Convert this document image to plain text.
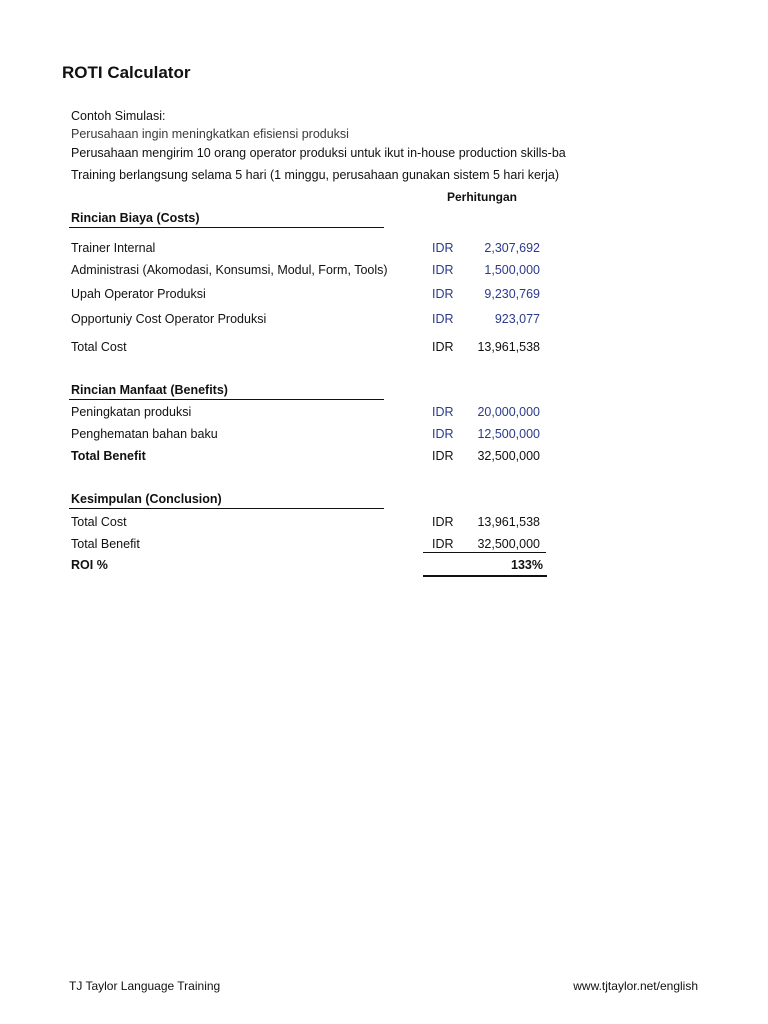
ROTI Calculator
Contoh Simulasi:
Perusahaan ingin meningkatkan efisiensi produksi
Perusahaan mengirim 10 orang operator produksi untuk ikut in-house production skills-ba
Training berlangsung selama 5 hari (1 minggu, perusahaan gunakan sistem 5 hari kerja)
Perhitungan
Rincian Biaya (Costs)
Trainer Internal	IDR	2,307,692
Administrasi (Akomodasi, Konsumsi, Modul, Form, Tools)	IDR	1,500,000
Upah Operator Produksi	IDR	9,230,769
Opportuniy Cost Operator Produksi	IDR	923,077
Total Cost	IDR	13,961,538
Rincian Manfaat (Benefits)
Peningkatan produksi	IDR	20,000,000
Penghematan bahan baku	IDR	12,500,000
Total Benefit	IDR	32,500,000
Kesimpulan (Conclusion)
Total Cost	IDR	13,961,538
Total Benefit	IDR	32,500,000
ROI %	133%
TJ Taylor Language Training	www.tjtaylor.net/english
